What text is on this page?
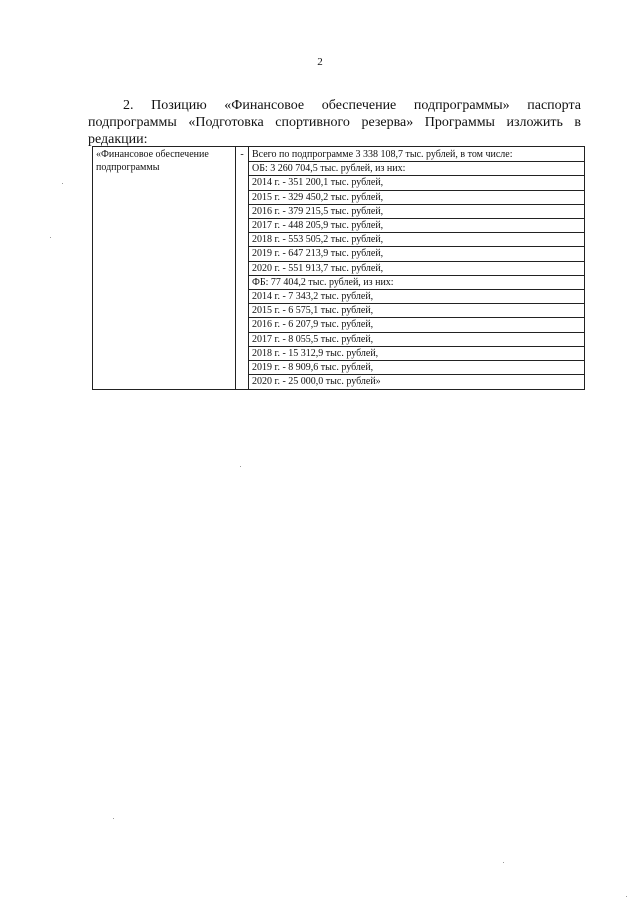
2
2. Позицию «Финансовое обеспечение подпрограммы» паспорта
подпрограммы «Подготовка спортивного резерва» Программы изложить в
редакции:
«Финансовое обеспечение подпрограммы	-	Всего по подпрограмме 3 338 108,7 тыс. рублей, в том числе:
ОБ: 3 260 704,5 тыс. рублей, из них:
2014 г. - 351 200,1 тыс. рублей,
2015 г. - 329 450,2 тыс. рублей,
2016 г. - 379 215,5 тыс. рублей,
2017 г. - 448 205,9 тыс. рублей,
2018 г. - 553 505,2 тыс. рублей,
2019 г. - 647 213,9 тыс. рублей,
2020 г. - 551 913,7 тыс. рублей,
ФБ: 77 404,2 тыс. рублей, из них:
2014 г. - 7 343,2 тыс. рублей,
2015 г. - 6 575,1 тыс. рублей,
2016 г. - 6 207,9 тыс. рублей,
2017 г. - 8 055,5 тыс. рублей,
2018 г. - 15 312,9 тыс. рублей,
2019 г. - 8 909,6 тыс. рублей,
2020 г. - 25 000,0 тыс. рублей»
